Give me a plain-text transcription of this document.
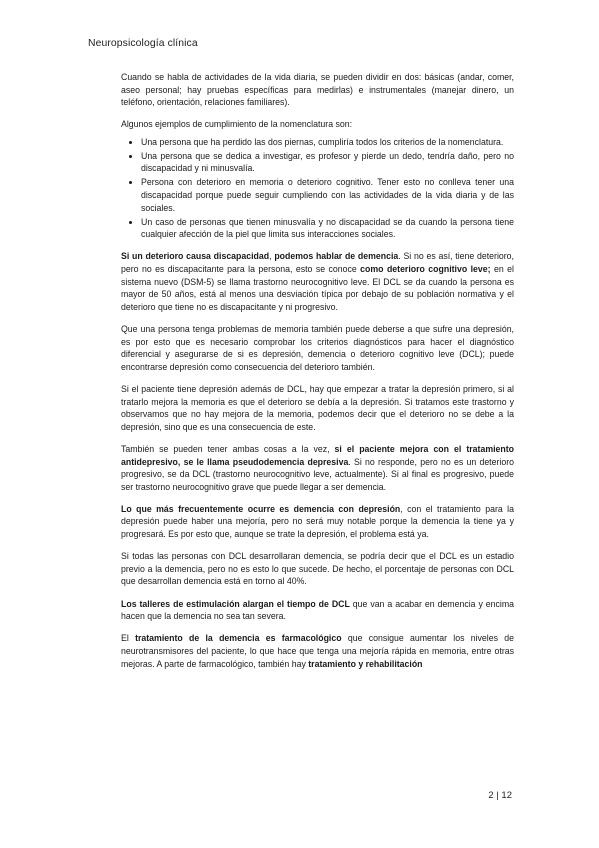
Neuropsicología clínica

Cuando se habla de actividades de la vida diaria, se pueden dividir en dos: básicas (andar, comer, aseo personal; hay pruebas específicas para medirlas) e instrumentales (manejar dinero, un teléfono, orientación, relaciones familiares).

Algunos ejemplos de cumplimiento de la nomenclatura son:

• Una persona que ha perdido las dos piernas, cumpliría todos los criterios de la nomenclatura.
• Una persona que se dedica a investigar, es profesor y pierde un dedo, tendría daño, pero no discapacidad y ni minusvalía.
• Persona con deterioro en memoria o deterioro cognitivo. Tener esto no conlleva tener una discapacidad porque puede seguir cumpliendo con las actividades de la vida diaria y de las sociales.
• Un caso de personas que tienen minusvalía y no discapacidad se da cuando la persona tiene cualquier afección de la piel que limita sus interacciones sociales.

Si un deterioro causa discapacidad, podemos hablar de demencia. Si no es así, tiene deterioro, pero no es discapacitante para la persona, esto se conoce como deterioro cognitivo leve; en el sistema nuevo (DSM-5) se llama trastorno neurocognitivo leve. El DCL se da cuando la persona es mayor de 50 años, está al menos una desviación típica por debajo de su población normativa y el deterioro que tiene no es discapacitante y ni progresivo.

Que una persona tenga problemas de memoria también puede deberse a que sufre una depresión, es por esto que es necesario comprobar los criterios diagnósticos para hacer el diagnóstico diferencial y asegurarse de si es depresión, demencia o deterioro cognitivo leve (DCL); puede encontrarse depresión como consecuencia del deterioro también.

Si el paciente tiene depresión además de DCL, hay que empezar a tratar la depresión primero, si al tratarlo mejora la memoria es que el deterioro se debía a la depresión. Si tratamos este trastorno y observamos que no hay mejora de la memoria, podemos decir que el deterioro no se debe a la depresión, sino que es una consecuencia de este.

También se pueden tener ambas cosas a la vez, si el paciente mejora con el tratamiento antidepresivo, se le llama pseudodemencia depresiva. Si no responde, pero no es un deterioro progresivo, se da DCL (trastorno neurocognitivo leve, actualmente). Si al final es progresivo, puede ser trastorno neurocognitivo grave que puede llegar a ser demencia.

Lo que más frecuentemente ocurre es demencia con depresión, con el tratamiento para la depresión puede haber una mejoría, pero no será muy notable porque la demencia la tiene ya y progresará. Es por esto que, aunque se trate la depresión, el problema está ya.

Si todas las personas con DCL desarrollaran demencia, se podría decir que el DCL es un estadio previo a la demencia, pero no es esto lo que sucede. De hecho, el porcentaje de personas con DCL que desarrollan demencia está en torno al 40%.

Los talleres de estimulación alargan el tiempo de DCL que van a acabar en demencia y encima hacen que la demencia no sea tan severa.

El tratamiento de la demencia es farmacológico que consigue aumentar los niveles de neurotransmisores del paciente, lo que hace que tenga una mejoría rápida en memoria, entre otras mejoras. A parte de farmacológico, también hay tratamiento y rehabilitación

2 | 12
